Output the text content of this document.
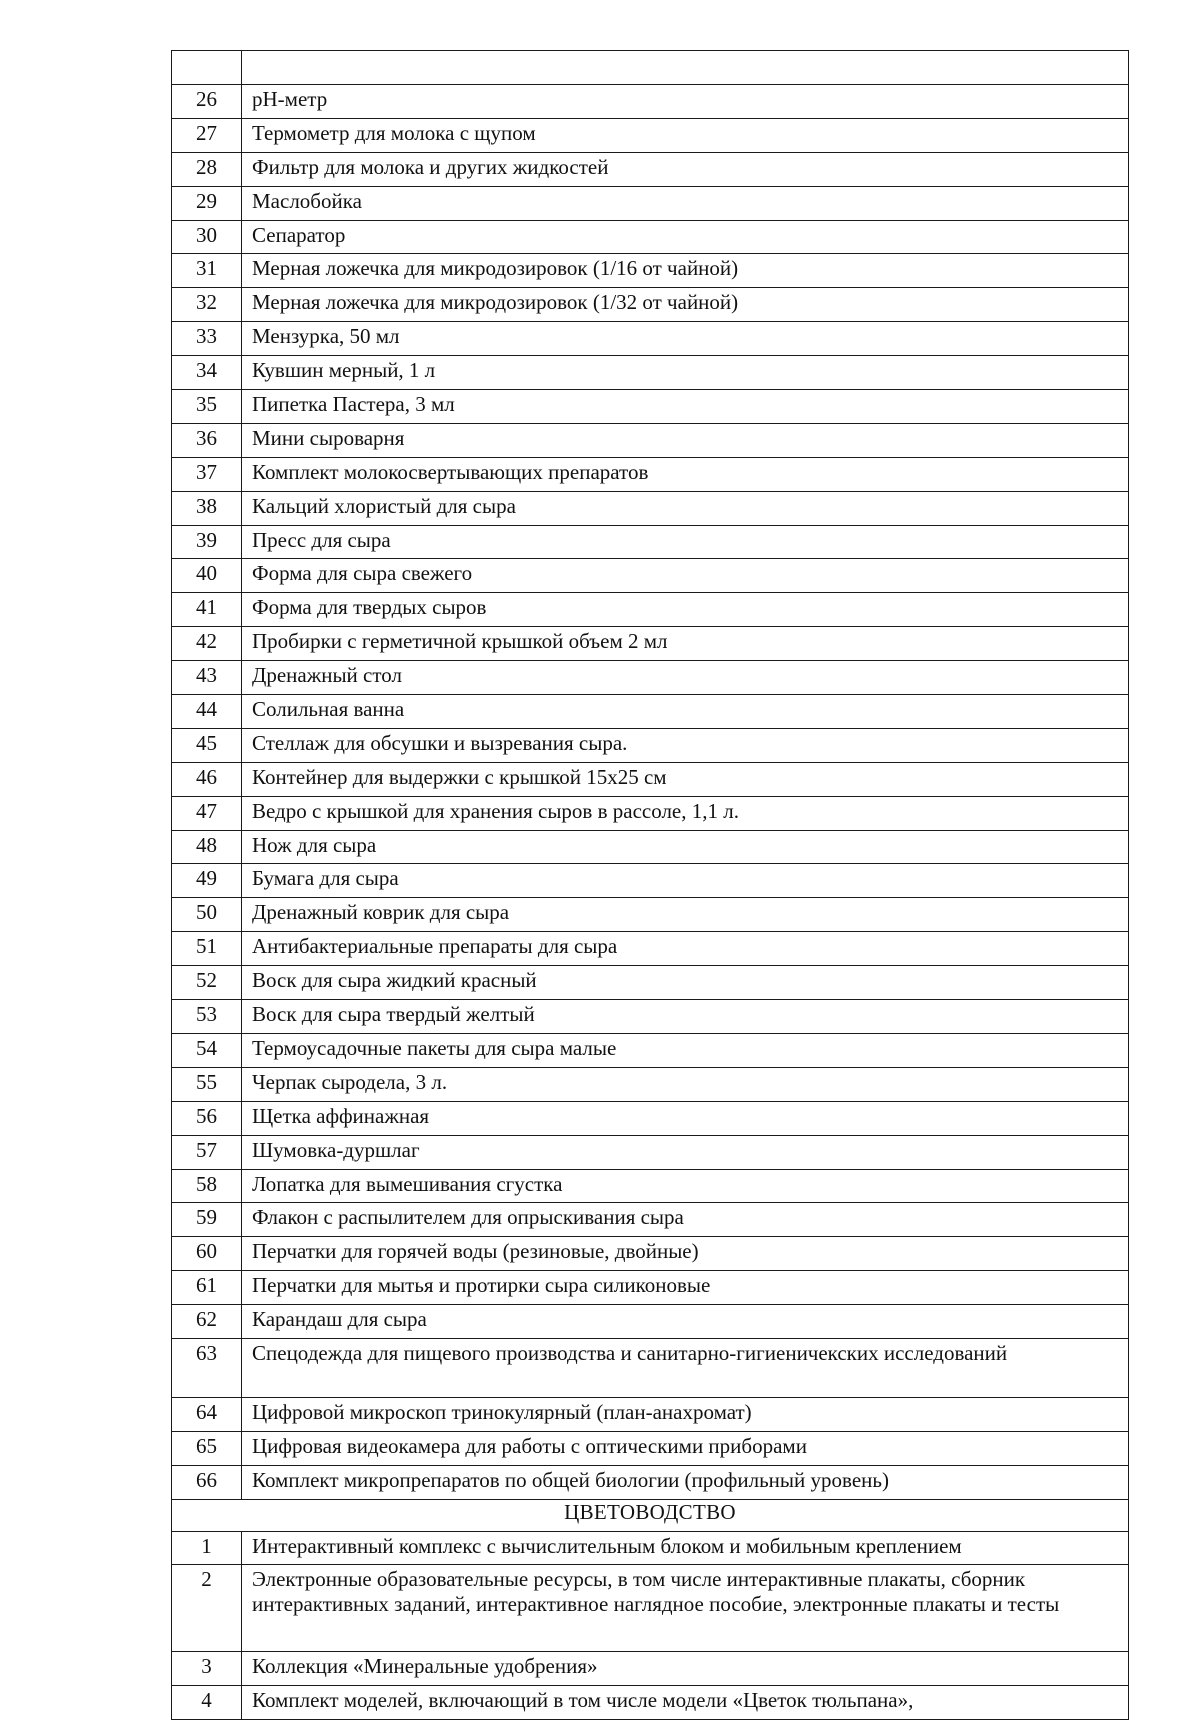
26	pH-метр
27	Термометр для молока с щупом
28	Фильтр для молока и других жидкостей
29	Маслобойка
30	Сепаратор
31	Мерная ложечка для микродозировок (1/16 от чайной)
32	Мерная ложечка для микродозировок (1/32 от чайной)
33	Мензурка, 50 мл
34	Кувшин мерный, 1 л
35	Пипетка Пастера, 3 мл
36	Мини сыроварня
37	Комплект молокосвертывающих препаратов
38	Кальций хлористый для сыра
39	Пресс для сыра
40	Форма для сыра свежего
41	Форма для твердых сыров
42	Пробирки с герметичной крышкой объем 2 мл
43	Дренажный стол
44	Солильная ванна
45	Стеллаж для обсушки и вызревания сыра.
46	Контейнер для выдержки с крышкой 15x25 см
47	Ведро с крышкой для хранения сыров в рассоле, 1,1 л.
48	Нож для сыра
49	Бумага для сыра
50	Дренажный коврик для сыра
51	Антибактериальные препараты для сыра
52	Воск для сыра жидкий красный
53	Воск для сыра твердый желтый
54	Термоусадочные пакеты для сыра малые
55	Черпак сыродела, 3 л.
56	Щетка аффинажная
57	Шумовка-дуршлаг
58	Лопатка для вымешивания сгустка
59	Флакон с распылителем для опрыскивания сыра
60	Перчатки для горячей воды (резиновые, двойные)
61	Перчатки для мытья и протирки сыра силиконовые
62	Карандаш для сыра
63	Спецодежда для пищевого производства и санитарно-гигиеничекских исследований
64	Цифровой микроскоп тринокулярный (план-анахромат)
65	Цифровая видеокамера для работы с оптическими приборами
66	Комплект микропрепаратов по общей биологии (профильный уровень)
ЦВЕТОВОДСТВО	
1	Интерактивный комплекс с вычислительным блоком и мобильным креплением
2	Электронные образовательные ресурсы, в том числе интерактивные плакаты, сборник интерактивных заданий, интерактивное наглядное пособие, электронные плакаты и тесты
3	Коллекция «Минеральные удобрения»
4	Комплект моделей, включающий в том числе модели «Цветок тюльпана»,
